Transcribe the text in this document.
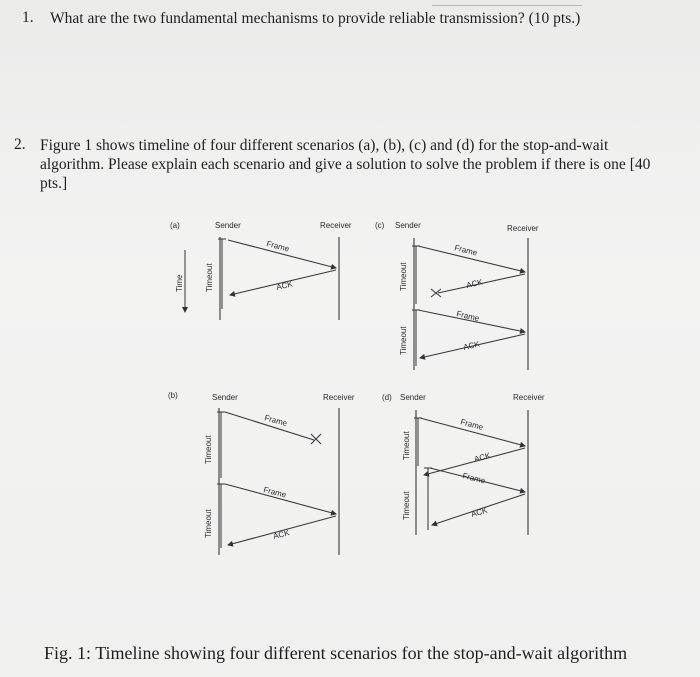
1. What are the two fundamental mechanisms to provide reliable transmission? (10 pts.)
2. Figure 1 shows timeline of four different scenarios (a), (b), (c) and (d) for the stop-and-wait algorithm. Please explain each scenario and give a solution to solve the problem if there is one [40 pts.]
Time
(a)	Sender	Receiver
Timeout
Frame
ACK
(c) Sender	Receiver
Timeout
Timeout
Frame
ACK
Frame
ACK
(b)	Sender	Receiver
Timeout
Timeout
Frame
Frame
ACK
(d) Sender	Receiver
Timeout
Timeout
Frame
ACK
Frame
ACK
Fig. 1: Timeline showing four different scenarios for the stop-and-wait algorithm
